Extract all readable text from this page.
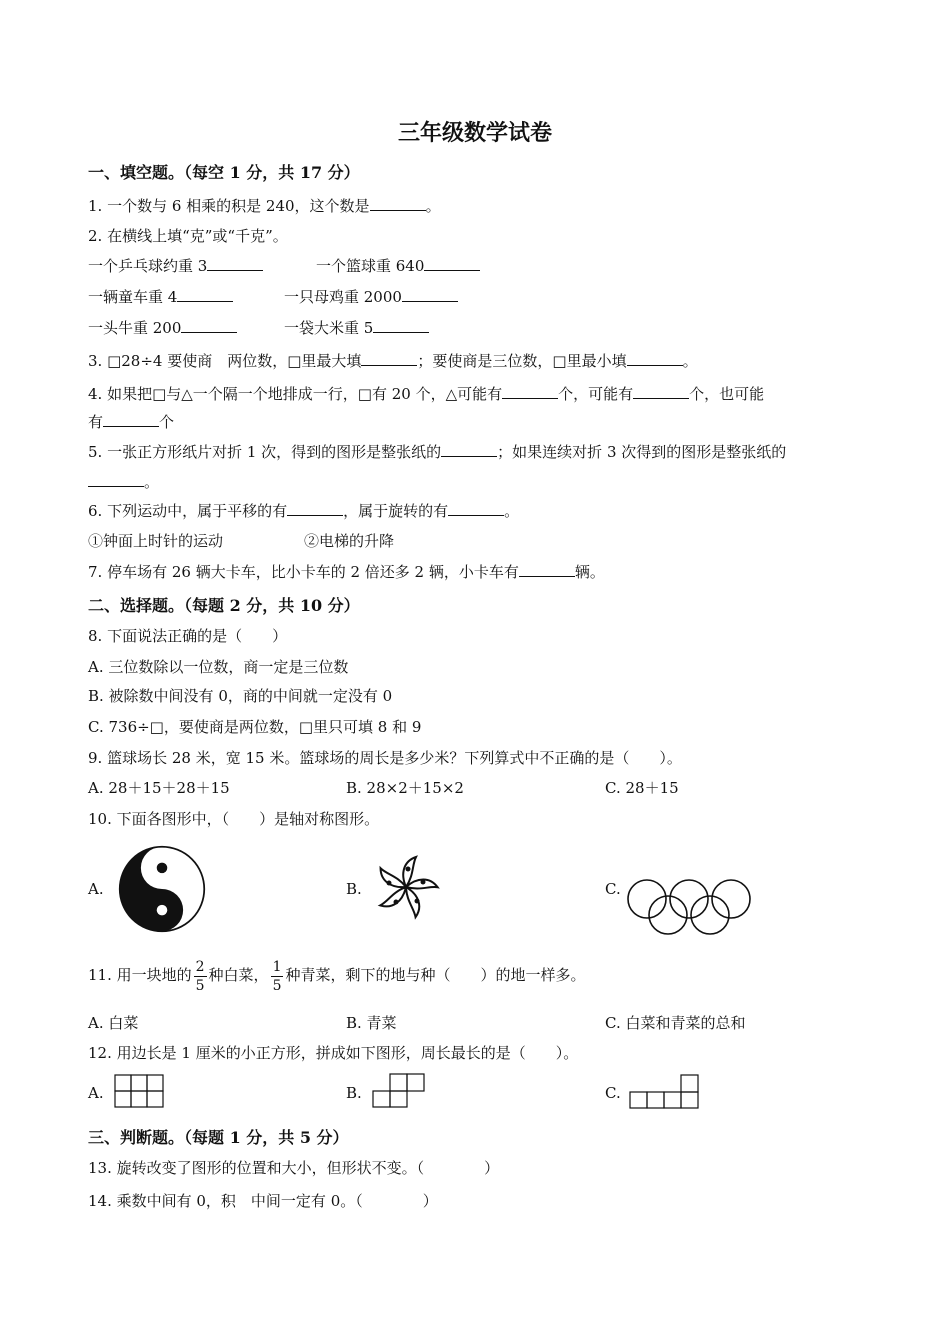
三年级数学试卷
一、填空题。（每空 1 分，共 17 分）
1. 一个数与 6 相乘的积是 240，这个数是	。
2. 在横线上填“克”或“千克”。
一个乒乓球约重 3	一个篮球重 640
一辆童车重 4	一只母鸡重 2000
一头牛重 200	一袋大米重 5
3. □28÷4 要使商　两位数，□里最大填	；要使商是三位数，□里最小填	。
4. 如果把□与△一个隔一个地排成一行，□有 20 个，△可能有	个，可能有	个，也可能
有	个
5. 一张正方形纸片对折 1 次，得到的图形是整张纸的	；如果连续对折 3 次得到的图形是整张纸的
。
6. 下列运动中，属于平移的有	，属于旋转的有	。
①钟面上时针的运动	②电梯的升降
7. 停车场有 26 辆大卡车，比小卡车的 2 倍还多 2 辆，小卡车有	辆。
二、选择题。（每题 2 分，共 10 分）
8. 下面说法正确的是（　　）
A. 三位数除以一位数，商一定是三位数
B. 被除数中间没有 0，商的中间就一定没有 0
C. 736÷□，要使商是两位数，□里只可填 8 和 9
9. 篮球场长 28 米，宽 15 米。篮球场的周长是多少米？下列算式中不正确的是（　　）。
A. 28＋15＋28＋15	B. 28×2＋15×2	C. 28＋15
10. 下面各图形中，（　　）是轴对称图形。
A.	B.	C.
11. 用一块地的 $\frac{2}{5}$ 种白菜， $\frac{1}{5}$ 种青菜，剩下的地与种（　　）的地一样多。
A. 白菜	B. 青菜	C. 白菜和青菜的总和
12. 用边长是 1 厘米的小正方形，拼成如下图形，周长最长的是（　　）。
A.	B.	C.
三、判断题。（每题 1 分，共 5 分）
13. 旋转改变了图形的位置和大小，但形状不变。（　　　　）
14. 乘数中间有 0，积　中间一定有 0。（　　　　）
